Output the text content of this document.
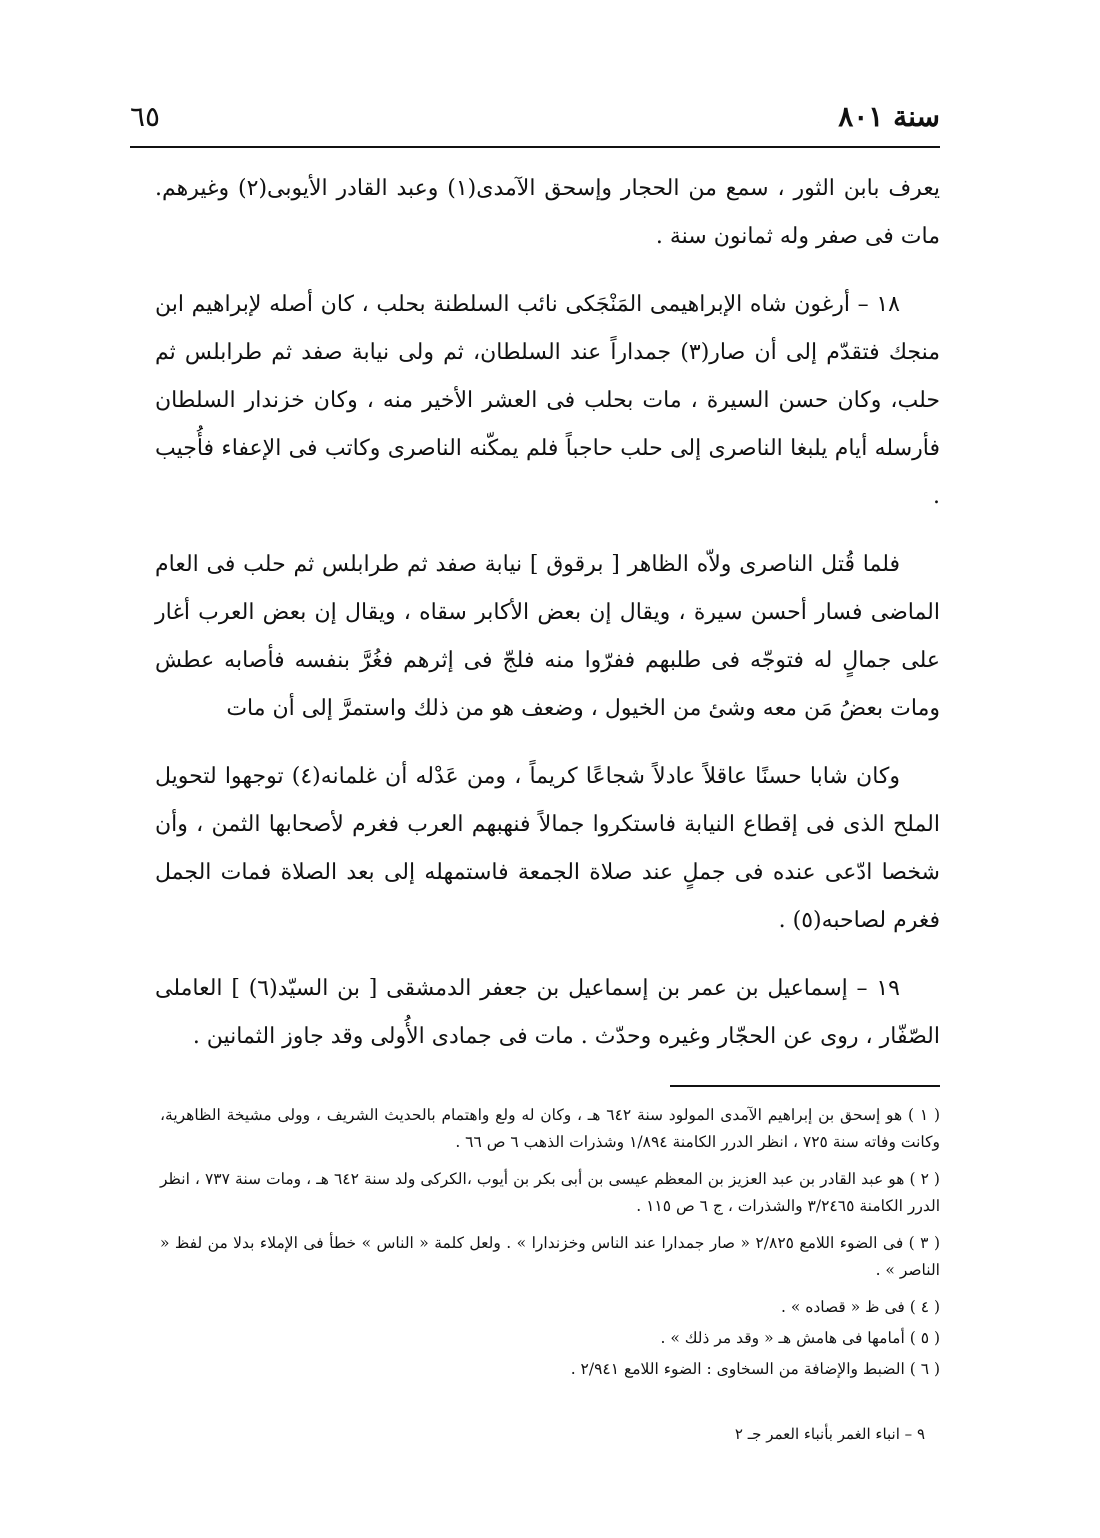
سنة ٨٠١
٦٥

يعرف بابن الثور ، سمع من الحجار وإسحق الآمدى(١) وعبد القادر الأيوبى(٢) وغيرهم. مات فى صفر وله ثمانون سنة .

١٨ – أرغون شاه الإبراهيمى المَنْجَكى نائب السلطنة بحلب ، كان أصله لإبراهيم ابن منجك فتقدّم إلى أن صار(٣) جمداراً عند السلطان، ثم ولى نيابة صفد ثم طرابلس ثم حلب، وكان حسن السيرة ، مات بحلب فى العشر الأخير منه ، وكان خزندار السلطان فأرسله أيام يلبغا الناصرى إلى حلب حاجباً فلم يمكّنه الناصرى وكاتب فى الإعفاء فأُجيب .

فلما قُتل الناصرى ولاّه الظاهر [ برقوق ] نيابة صفد ثم طرابلس ثم حلب فى العام الماضى فسار أحسن سيرة ، ويقال إن بعض الأكابر سقاه ، ويقال إن بعض العرب أغار على جمالٍ له فتوجّه فى طلبهم ففرّوا منه فلجّ فى إثرهم فغُرَّ بنفسه فأصابه عطش ومات بعضُ مَن معه وشئ من الخيول ، وضعف هو من ذلك واستمرَّ إلى أن مات

وكان شابا حسنًا عاقلاً عادلاً شجاعًا كريماً ، ومن عَدْله أن غلمانه(٤) توجهوا لتحويل الملح الذى فى إقطاع النيابة فاستكروا جمالاً فنهبهم العرب فغرم لأصحابها الثمن ، وأن شخصا ادّعى عنده فى جملٍ عند صلاة الجمعة فاستمهله إلى بعد الصلاة فمات الجمل فغرم لصاحبه(٥) .

١٩ – إسماعيل بن عمر بن إسماعيل بن جعفر الدمشقى [ بن السيّد(٦) ] العاملى الصّفّار ، روى عن الحجّار وغيره وحدّث . مات فى جمادى الأُولى وقد جاوز الثمانين .

( ١ ) هو إسحق بن إبراهيم الآمدى المولود سنة ٦٤٢ هـ ، وكان له ولع واهتمام بالحديث الشريف ، وولى مشيخة الظاهرية، وكانت وفاته سنة ٧٢٥ ، انظر الدرر الكامنة ١/٨٩٤ وشذرات الذهب ٦ ص ٦٦ .

( ٢ ) هو عبد القادر بن عبد العزيز بن المعظم عيسى بن أبى بكر بن أيوب ،الكركى ولد سنة ٦٤٢ هـ ، ومات سنة ٧٣٧ ، انظر الدرر الكامنة ٣/٢٤٦٥ والشذرات ، ج ٦ ص ١١٥ .

( ٣ ) فى الضوء اللامع ٢/٨٢٥ « صار جمدارا عند الناس وخزندارا » . ولعل كلمة « الناس » خطأ فى الإملاء بدلا من لفظ « الناصر » .

( ٤ ) فى ظ « قصاده » .

( ٥ ) أمامها فى هامش هـ « وقد مر ذلك » .

( ٦ ) الضبط والإضافة من السخاوى : الضوء اللامع ٢/٩٤١ .

٩ – انباء الغمر بأنباء العمر جـ ٢
